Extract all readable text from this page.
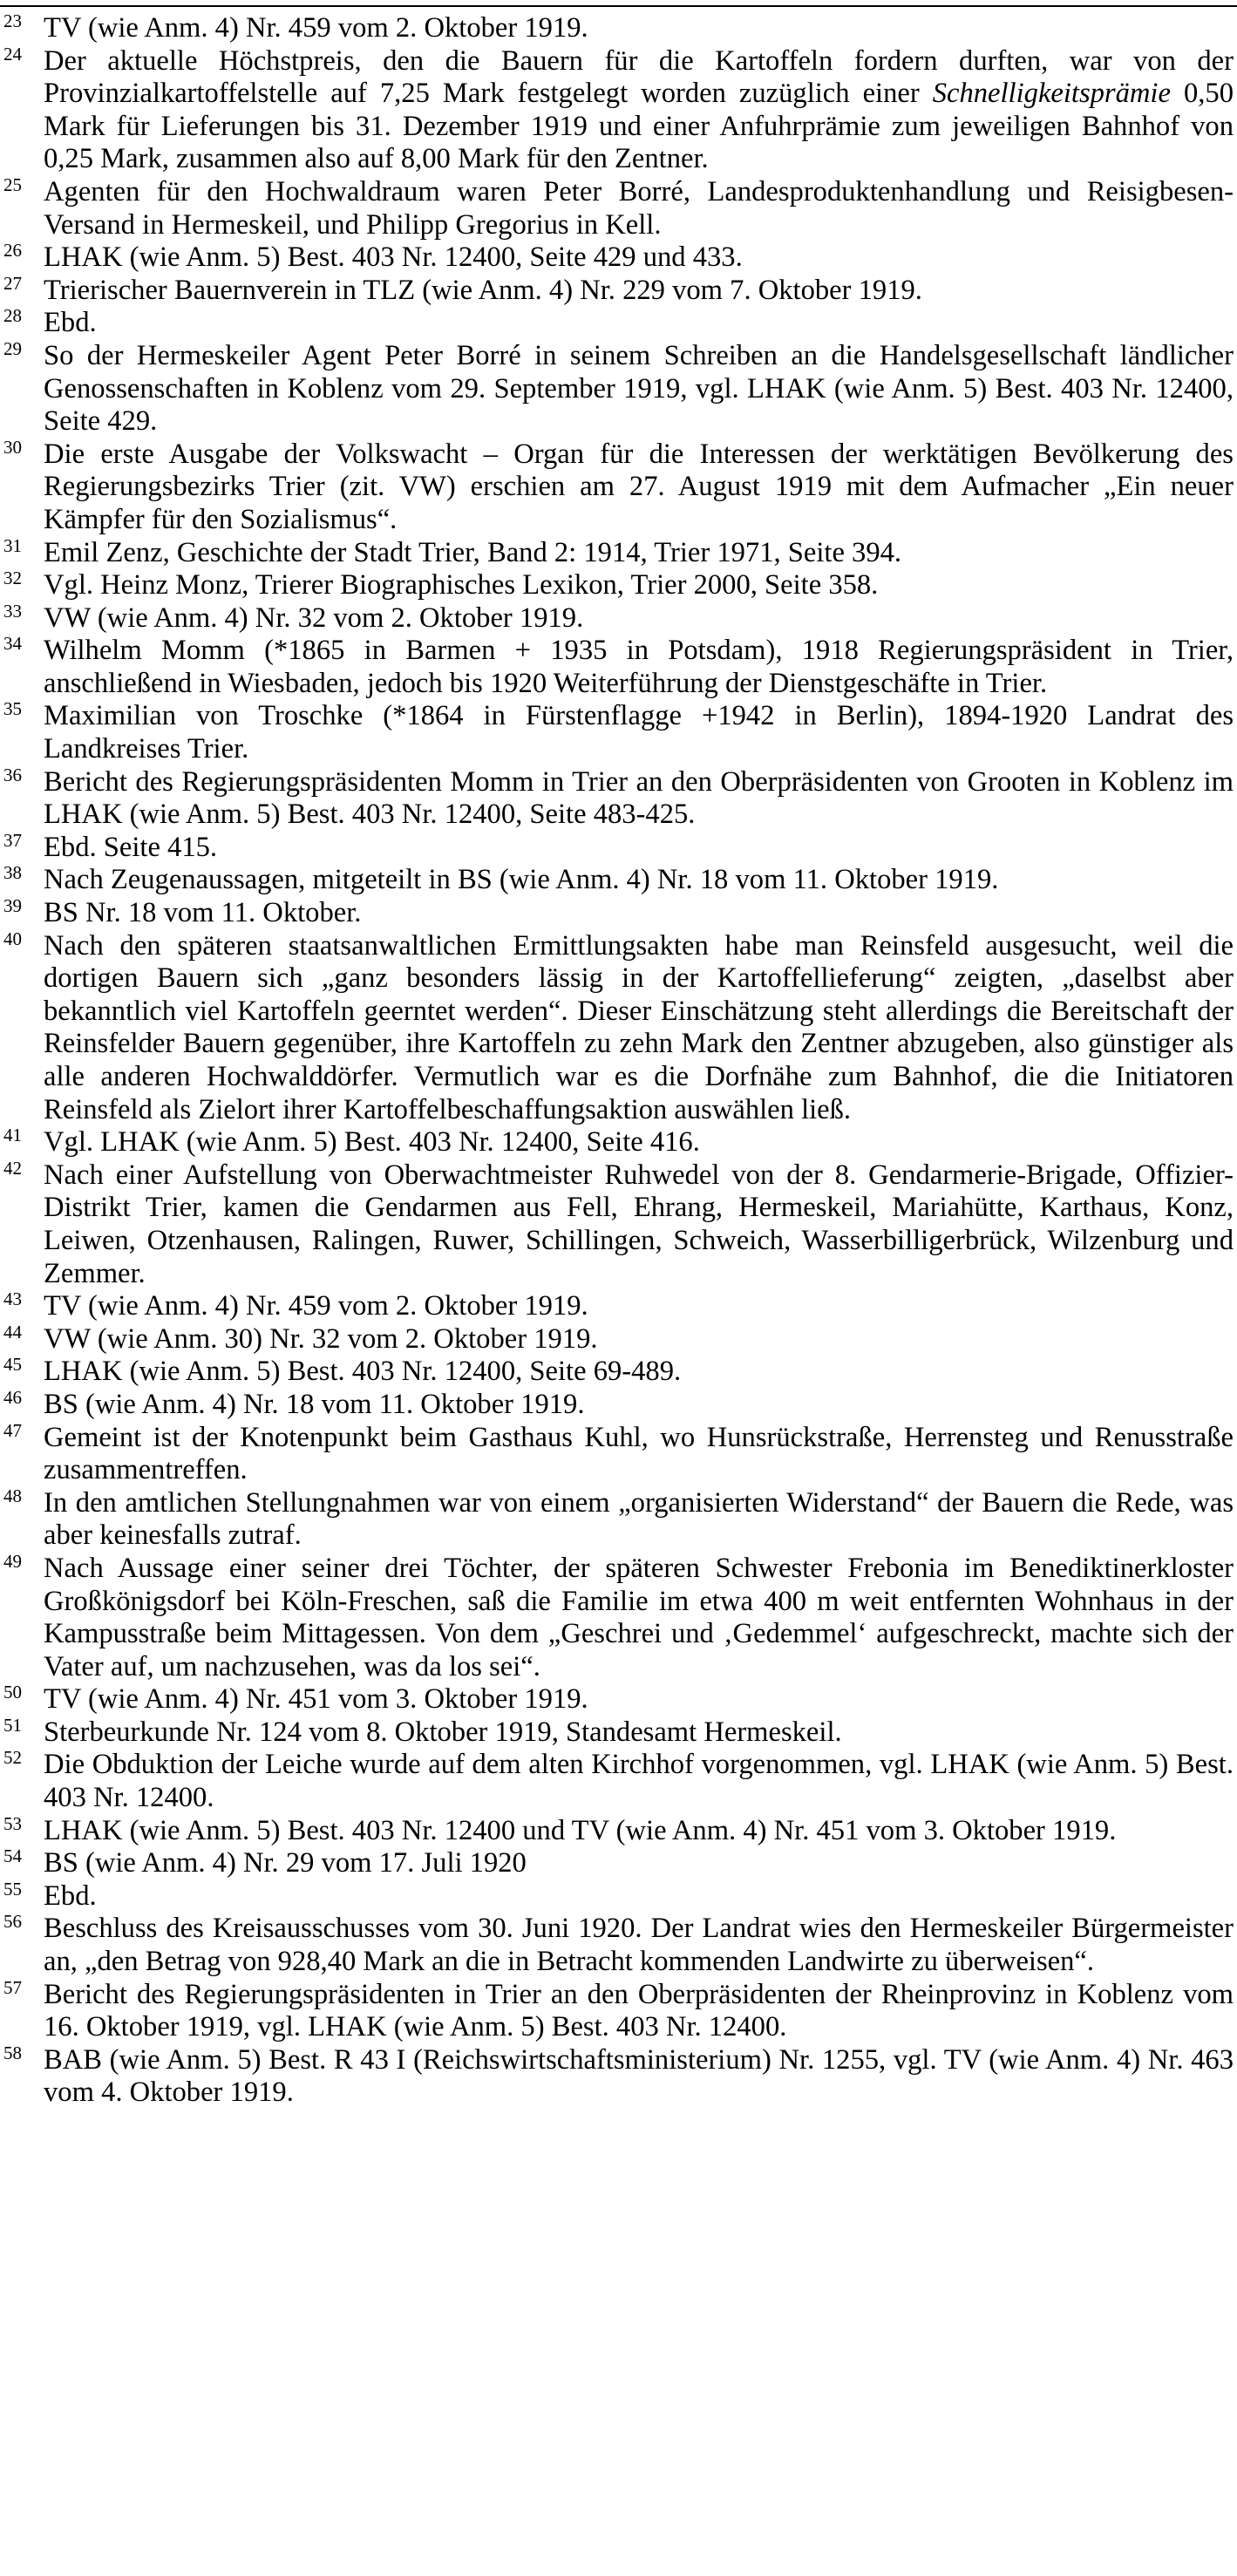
23 TV (wie Anm. 4) Nr. 459 vom 2. Oktober 1919.
24 Der aktuelle Höchstpreis, den die Bauern für die Kartoffeln fordern durften, war von der Provinzialkartoffelstelle auf 7,25 Mark festgelegt worden zuzüglich einer Schnelligkeitsprämie 0,50 Mark für Lieferungen bis 31. Dezember 1919 und einer Anfuhrprämie zum jeweiligen Bahnhof von 0,25 Mark, zusammen also auf 8,00 Mark für den Zentner.
25 Agenten für den Hochwaldraum waren Peter Borré, Landesproduktenhandlung und Reisigbesen-Versand in Hermeskeil, und Philipp Gregorius in Kell.
26 LHAK (wie Anm. 5) Best. 403 Nr. 12400, Seite 429 und 433.
27 Trierischer Bauernverein in TLZ (wie Anm. 4) Nr. 229 vom 7. Oktober 1919.
28 Ebd.
29 So der Hermeskeiler Agent Peter Borré in seinem Schreiben an die Handelsgesellschaft ländlicher Genossenschaften in Koblenz vom 29. September 1919, vgl. LHAK (wie Anm. 5) Best. 403 Nr. 12400, Seite 429.
30 Die erste Ausgabe der Volkswacht – Organ für die Interessen der werktätigen Bevölkerung des Regierungsbezirks Trier (zit. VW) erschien am 27. August 1919 mit dem Aufmacher „Ein neuer Kämpfer für den Sozialismus“.
31 Emil Zenz, Geschichte der Stadt Trier, Band 2: 1914, Trier 1971, Seite 394.
32 Vgl. Heinz Monz, Trierer Biographisches Lexikon, Trier 2000, Seite 358.
33 VW (wie Anm. 4) Nr. 32 vom 2. Oktober 1919.
34 Wilhelm Momm (*1865 in Barmen + 1935 in Potsdam), 1918 Regierungspräsident in Trier, anschließend in Wiesbaden, jedoch bis 1920 Weiterführung der Dienstgeschäfte in Trier.
35 Maximilian von Troschke (*1864 in Fürstenflagge +1942 in Berlin), 1894-1920 Landrat des Landkreises Trier.
36 Bericht des Regierungspräsidenten Momm in Trier an den Oberpräsidenten von Grooten in Koblenz im LHAK (wie Anm. 5) Best. 403 Nr. 12400, Seite 483-425.
37 Ebd. Seite 415.
38 Nach Zeugenaussagen, mitgeteilt in BS (wie Anm. 4) Nr. 18 vom 11. Oktober 1919.
39 BS Nr. 18 vom 11. Oktober.
40 Nach den späteren staatsanwaltlichen Ermittlungsakten habe man Reinsfeld ausgesucht, weil die dortigen Bauern sich „ganz besonders lässig in der Kartoffellieferung“ zeigten, „daselbst aber bekanntlich viel Kartoffeln geerntet werden“. Dieser Einschätzung steht allerdings die Bereitschaft der Reinsfelder Bauern gegenüber, ihre Kartoffeln zu zehn Mark den Zentner abzugeben, also günstiger als alle anderen Hochwalddörfer. Vermutlich war es die Dorfnähe zum Bahnhof, die die Initiatoren Reinsfeld als Zielort ihrer Kartoffelbeschaffungsaktion auswählen ließ.
41 Vgl. LHAK (wie Anm. 5) Best. 403 Nr. 12400, Seite 416.
42 Nach einer Aufstellung von Oberwachtmeister Ruhwedel von der 8. Gendarmerie-Brigade, Offizier-Distrikt Trier, kamen die Gendarmen aus Fell, Ehrang, Hermeskeil, Mariahütte, Karthaus, Konz, Leiwen, Otzenhausen, Ralingen, Ruwer, Schillingen, Schweich, Wasserbilligerbrück, Wilzenburg und Zemmer.
43 TV (wie Anm. 4) Nr. 459 vom 2. Oktober 1919.
44 VW (wie Anm. 30) Nr. 32 vom 2. Oktober 1919.
45 LHAK (wie Anm. 5) Best. 403 Nr. 12400, Seite 69-489.
46 BS (wie Anm. 4) Nr. 18 vom 11. Oktober 1919.
47 Gemeint ist der Knotenpunkt beim Gasthaus Kuhl, wo Hunsrückstraße, Herrensteg und Renusstraße zusammentreffen.
48 In den amtlichen Stellungnahmen war von einem „organisierten Widerstand“ der Bauern die Rede, was aber keinesfalls zutraf.
49 Nach Aussage einer seiner drei Töchter, der späteren Schwester Frebonia im Benediktinerkloster Großkönigsdorf bei Köln-Freschen, saß die Familie im etwa 400 m weit entfernten Wohnhaus in der Kampusstraße beim Mittagessen. Von dem „Geschrei und ‚Gedemmel‘ aufgeschreckt, machte sich der Vater auf, um nachzusehen, was da los sei“.
50 TV (wie Anm. 4) Nr. 451 vom 3. Oktober 1919.
51 Sterbeurkunde Nr. 124 vom 8. Oktober 1919, Standesamt Hermeskeil.
52 Die Obduktion der Leiche wurde auf dem alten Kirchhof vorgenommen, vgl. LHAK (wie Anm. 5) Best. 403 Nr. 12400.
53 LHAK (wie Anm. 5) Best. 403 Nr. 12400 und TV (wie Anm. 4) Nr. 451 vom 3. Oktober 1919.
54 BS (wie Anm. 4) Nr. 29 vom 17. Juli 1920
55 Ebd.
56 Beschluss des Kreisausschusses vom 30. Juni 1920. Der Landrat wies den Hermeskeiler Bürgermeister an, „den Betrag von 928,40 Mark an die in Betracht kommenden Landwirte zu überweisen“.
57 Bericht des Regierungspräsidenten in Trier an den Oberpräsidenten der Rheinprovinz in Koblenz vom 16. Oktober 1919, vgl. LHAK (wie Anm. 5) Best. 403 Nr. 12400.
58 BAB (wie Anm. 5) Best. R 43 I (Reichswirtschaftsministerium) Nr. 1255, vgl. TV (wie Anm. 4) Nr. 463 vom 4. Oktober 1919.
